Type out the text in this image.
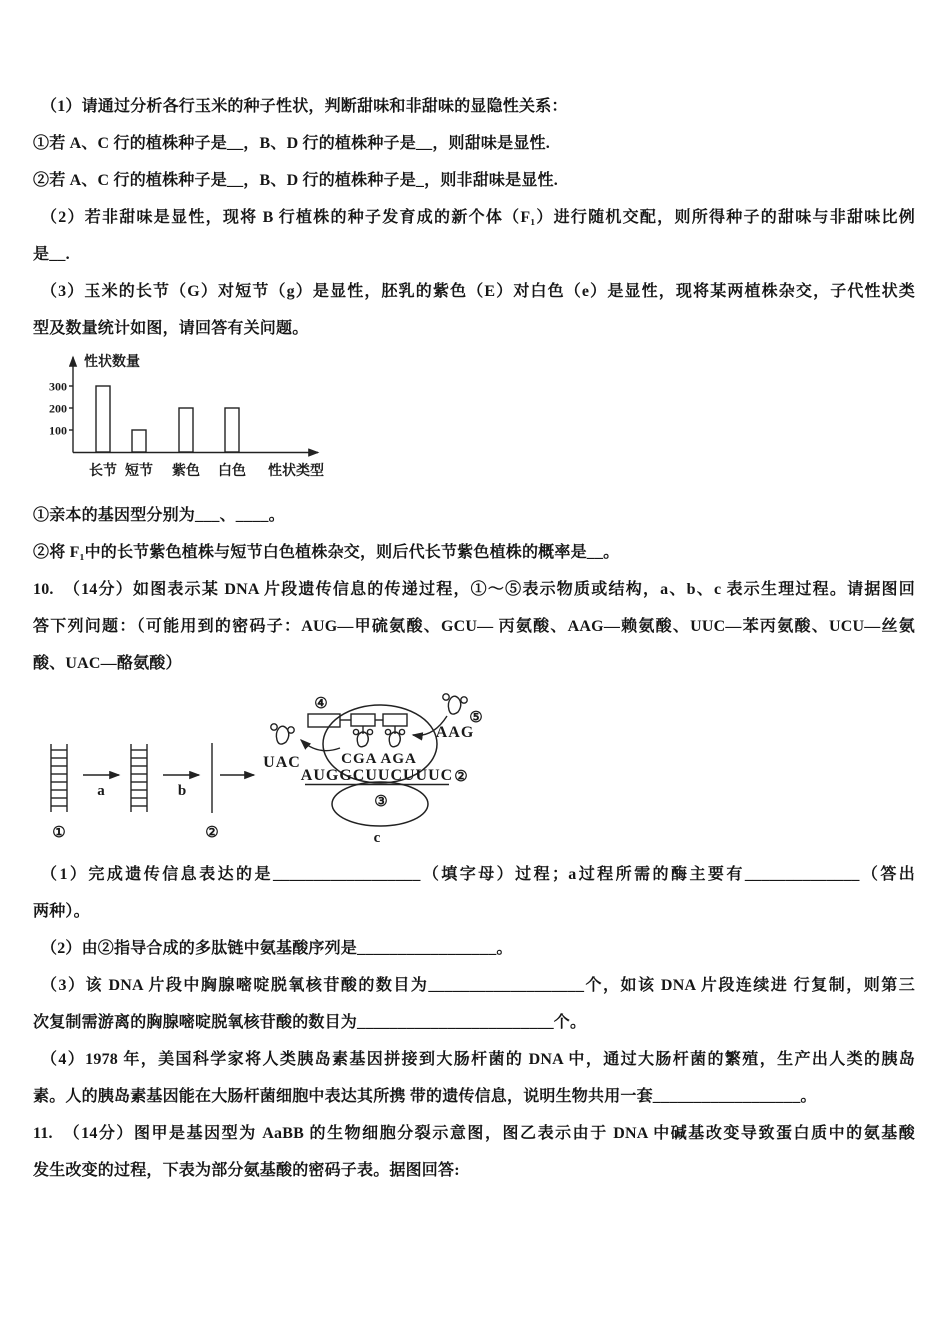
（1）请通过分析各行玉米的种子性状，判断甜味和非甜味的显隐性关系：
①若 A、C 行的植株种子是__，B、D 行的植株种子是__，则甜味是显性.
②若 A、C 行的植株种子是__，B、D 行的植株种子是_，则非甜味是显性.
（2）若非甜味是显性，现将 B 行植株的种子发育成的新个体（F₁）进行随机交配，则所得种子的甜味与非甜味比例
是__.
（3）玉米的长节（G）对短节（g）是显性，胚乳的紫色（E）对白色（e）是显性，现将某两植株杂交，子代性状类
型及数量统计如图，请回答有关问题。
性状数量
性状类型
100
200
300
长节 短节 紫色 白色
①亲本的基因型分别为___、____。
②将 F₁中的长节紫色植株与短节白色植株杂交，则后代长节紫色植株的概率是__。
10.　（14分）如图表示某 DNA 片段遗传信息的传递过程，①～⑤表示物质或结构，a、b、c 表示生理过程。请据图回
答下列问题：（可能用到的密码子：AUG—甲硫氨酸、GCU— 丙氨酸、AAG—赖氨酸、UUC—苯丙氨酸、UCU—丝氨
酸、UAC—酪氨酸）
①
a	b
②
UAC
④
CGA AGA
AUGGCUUCUUUC ②
③
c
⑤
AAG
（1）完成遗传信息表达的是__________________（填字母）过程；a过程所需的酶主要有______________（答出
两种）。
（2）由②指导合成的多肽链中氨基酸序列是_________________。
（3）该 DNA 片段中胸腺嘧啶脱氧核苷酸的数目为___________________个，如该 DNA 片段连续进 行复制，则第三
次复制需游离的胸腺嘧啶脱氧核苷酸的数目为________________________个。
（4）1978 年，美国科学家将人类胰岛素基因拼接到大肠杆菌的 DNA 中，通过大肠杆菌的繁殖，生产出人类的胰岛
素。人的胰岛素基因能在大肠杆菌细胞中表达其所携 带的遗传信息，说明生物共用一套__________________。
11.　（14分）图甲是基因型为 AaBB 的生物细胞分裂示意图，图乙表示由于 DNA 中碱基改变导致蛋白质中的氨基酸
发生改变的过程，下表为部分氨基酸的密码子表。据图回答:
